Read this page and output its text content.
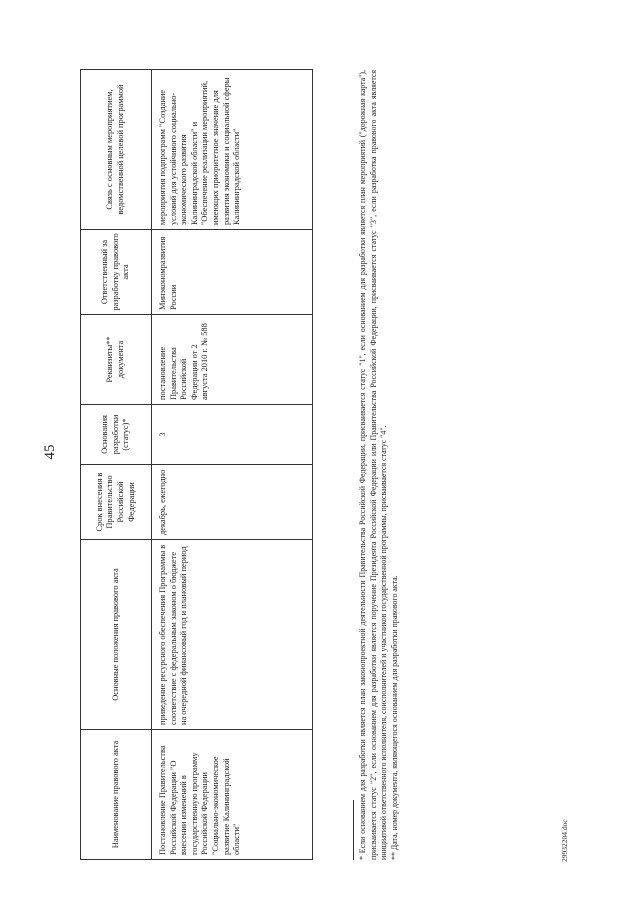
45
Наименование правового акта	Основные положения правового акта	Срок внесения в Правительство Российской Федерации	Основания разработки (статус)*	Реквизиты** документа	Ответственный за разработку правового акта	Связь с основным мероприятием, ведомственной целевой программой
Постановление Правительства Российской Федерации "О внесении изменений в государственную программу Российской Федерации "Социально-экономическое развитие Калининградской области"	приведение ресурсного обеспечения Программы в соответствие с федеральным законом о бюджете на очередной финансовый год и плановый период	декабрь, ежегодно	3	постановление Правительства Российской Федерации от 2 августа 2010 г. № 588	Минэкономразвития России	мероприятия подпрограмм "Создание условий для устойчивого социально-экономического развития Калининградской области" и "Обеспечение реализации мероприятий, имеющих приоритетное значение для развития экономики и социальной сферы Калининградской области"	* Если основанием для разработки является план законопроектной деятельности Правительства Российской Федерации, присваивается статус "1", если основанием для разработки является план мероприятий ("дорожная карта"), присваивается статус "2", если основанием для разработки является поручение Президента Российской Федерации или Правительства Российской Федерации, присваивается статус "3", если разработка правового акта является инициативой ответственного исполнителя, соисполнителей и участников государственной программы, присваивается статус "4". ** Дата, номер документа, являющегося основанием для разработки правового акта.	29932204.doc
